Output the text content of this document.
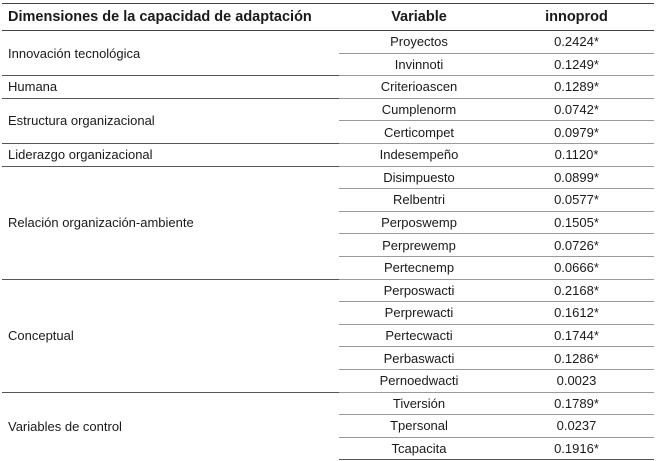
Dimensiones de la capacidad de adaptación	Variable	innoprod
Innovación tecnológica	Proyectos	0.2424*
	Invinnoti	0.1249*
Humana	Criterioascen	0.1289*
Estructura organizacional	Cumplenorm	0.0742*
	Certicompet	0.0979*
Liderazgo organizacional	Indesempeño	0.1120*
Relación organización-ambiente	Disimpuesto	0.0899*
	Relbentri	0.0577*
	Perposwemp	0.1505*
	Perprewemp	0.0726*
	Pertecnemp	0.0666*
Conceptual	Perposwacti	0.2168*
	Perprewacti	0.1612*
	Pertecwacti	0.1744*
	Perbaswacti	0.1286*
	Pernoedwacti	0.0023
Variables de control	Tiversión	0.1789*
	Tpersonal	0.0237
	Tcapacita	0.1916*
